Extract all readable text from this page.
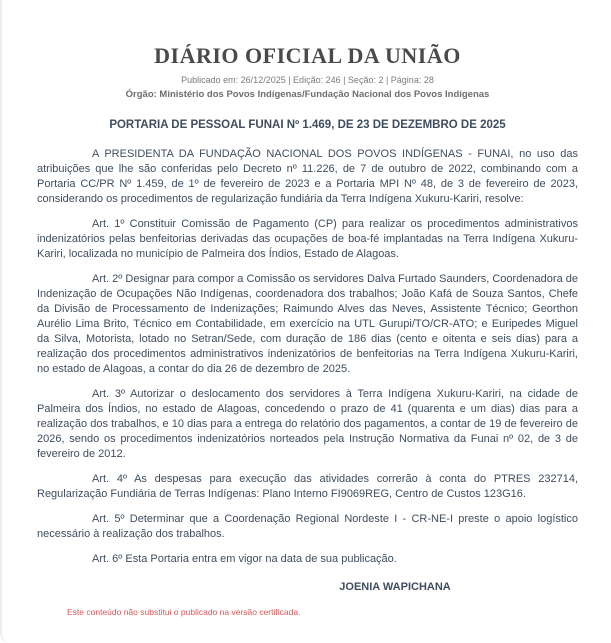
DIÁRIO OFICIAL DA UNIÃO
Publicado em: 26/12/2025 | Edição: 246 | Seção: 2 | Página: 28
Órgão: Ministério dos Povos Indígenas/Fundação Nacional dos Povos Indígenas
PORTARIA DE PESSOAL FUNAI Nº 1.469, DE 23 DE DEZEMBRO DE 2025

A PRESIDENTA DA FUNDAÇÃO NACIONAL DOS POVOS INDÍGENAS - FUNAI, no uso das atribuições que lhe são conferidas pelo Decreto nº 11.226, de 7 de outubro de 2022, combinando com a Portaria CC/PR Nº 1.459, de 1º de fevereiro de 2023 e a Portaria MPI Nº 48, de 3 de fevereiro de 2023, considerando os procedimentos de regularização fundiária da Terra Indígena Xukuru-Kariri, resolve:

Art. 1º Constituir Comissão de Pagamento (CP) para realizar os procedimentos administrativos indenizatórios pelas benfeitorias derivadas das ocupações de boa-fé implantadas na Terra Indígena Xukuru-Kariri, localizada no município de Palmeira dos Índios, Estado de Alagoas.

Art. 2º Designar para compor a Comissão os servidores Dalva Furtado Saunders, Coordenadora de Indenização de Ocupações Não Indígenas, coordenadora dos trabalhos; João Kafá de Souza Santos, Chefe da Divisão de Processamento de Indenizações; Raimundo Alves das Neves, Assistente Técnico; Georthon Aurélio Lima Brito, Técnico em Contabilidade, em exercício na UTL Gurupi/TO/CR-ATO; e Euripedes Miguel da Silva, Motorista, lotado no Setran/Sede, com duração de 186 dias (cento e oitenta e seis dias) para a realização dos procedimentos administrativos indenizatórios de benfeitorias na Terra Indígena Xukuru-Kariri, no estado de Alagoas, a contar do dia 26 de dezembro de 2025.

Art. 3º Autorizar o deslocamento dos servidores à Terra Indígena Xukuru-Kariri, na cidade de Palmeira dos Índios, no estado de Alagoas, concedendo o prazo de 41 (quarenta e um dias) dias para a realização dos trabalhos, e 10 dias para a entrega do relatório dos pagamentos, a contar de 19 de fevereiro de 2026, sendo os procedimentos indenizatórios norteados pela Instrução Normativa da Funai nº 02, de 3 de fevereiro de 2012.

Art. 4º As despesas para execução das atividades correrão à conta do PTRES 232714, Regularização Fundiária de Terras Indígenas: Plano Interno FI9069REG, Centro de Custos 123G16.

Art. 5º Determinar que a Coordenação Regional Nordeste I - CR-NE-I preste o apoio logístico necessário à realização dos trabalhos.

Art. 6º Esta Portaria entra em vigor na data de sua publicação.

JOENIA WAPICHANA
Este conteúdo não substitui o publicado na versão certificada.
